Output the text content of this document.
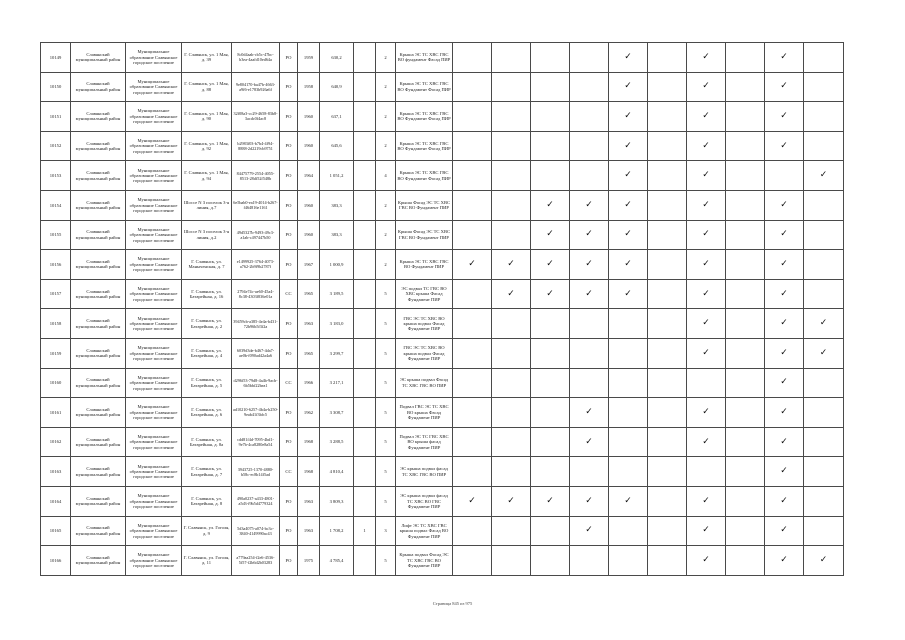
10149	Славянский муниципальный район	Муниципальное образование Славянское городское поселение	Г. Славянск, ул. 1 Мая, д. 39	8c0d4aab-cb5c-47bc-b3ea-4aafd10ed64a	РО	1959	630,2		2	Крыша ЭС ТС ХВС ГВС ВО фундамент Фасад ПИР					✓		✓		✓	
10150	Славянский муниципальный район	Муниципальное образование Славянское городское поселение	Г. Славянск, ул. 1 Мая, д. 88	9e804170-ba47b-4663-a9f6-e1783b926a6f	РО	1958	640,9		2	Крыша ЭС ТС ХВС ГВС ВО Фундамент Фасад ПИР					✓		✓		✓	
10151	Славянский муниципальный район	Муниципальное образование Славянское городское поселение	Г. Славянск, ул. 1 Мая, д. 90	32f08a3-cc29-4658-83b8-3acdc0f4ac8	РО	1960	637,1		2	Крыша ЭС ТС ХВС ГВС ВО Фундамент Фасад ПИР					✓		✓		✓	
10152	Славянский муниципальный район	Муниципальное образование Славянское городское поселение	Г. Славянск, ул. 1 Мая, д. 92	b2983f03-b7b4-4f94-8888-2d2219cb9751	РО	1960	645,6		2	Крыша ЭС ТС ХВС ГВС ВО Фундамент Фасад ПИР					✓		✓		✓	
10153	Славянский муниципальный район	Муниципальное образование Славянское городское поселение	Г. Славянск, ул. 1 Мая, д. 94	84475779-2554-4055-8513-28df52f548b	РО	1964	1 051,2		4	Крыша ЭС ТС ХВС ГВС ВО Фундамент Фасад ПИР					✓		✓			✓
10154	Славянский муниципальный район	Муниципальное образование Славянское городское поселение	Шоссе N 3 поселок 3-я линия, д.7	6e5bab0-ea19-4014-b267-f464816e1161	РО	1960	383,3		2	Крыша Фасад ЭС ТС ХВС ГВС ВО Фундамент ПИР			✓	✓	✓		✓		✓	
10155	Славянский муниципальный район	Муниципальное образование Славянское городское поселение	Шоссе N 3 поселок 3-я линия, д.2	49d5327b-9493-49c3-a1ab-c497447b50	РО	1960	383,3		2	Крыша Фасад ЭС ТС ХВС ГВС ВО Фундамент ПИР			✓	✓	✓		✓		✓	
10156	Славянский муниципальный район	Муниципальное образование Славянское городское поселение	Г. Славянск, ул. Маныченская, д. 7	e1499925-3764-4073-a762-2b9f9b2787f	РО	1967	1 000,9		2	Крыша ЭС ТС ХВС ГВС ВО Фундамент ПИР	✓	✓	✓	✓	✓		✓		✓	
10157	Славянский муниципальный район	Муниципальное образование Славянское городское поселение	Г. Славянск, ул. Батарейная, д. 16	2794e74c-ae60-45a4-8c38-4303f836e01a	СС	1965	3 189,5		5	ЭС подвал ТС ГВС ВО ХВС крыша Фасад Фундамент ПИР		✓	✓	✓	✓		✓		✓	
10158	Славянский муниципальный район	Муниципальное образование Славянское городское поселение	Г. Славянск, ул. Батарейная, д. 2	39459cb-a385-4e4a-b431-72b96b5f3f2a	РО	1963	3 183,0		5	ГВС ЭС ТС ХВС ВО крыша подвал Фасад Фундамент ПИР							✓		✓	✓
10159	Славянский муниципальный район	Муниципальное образование Славянское городское поселение	Г. Славянск, ул. Батарейная, д. 4	6039d3de-b467-4da7-ae0b-f090ad42a4a6	РО	1965	3 299,7		5	ГВС ЭС ТС ХВС ВО крыша подвал Фасад Фундамент ПИР							✓		✓	✓
10160	Славянский муниципальный район	Муниципальное образование Славянское городское поселение	Г. Славянск, ул. Батарейная, д. 5	d296f53-79d8-4a4b-9acb-6b5bbf22bea1	СС	1966	3 217,1		5	ЭС крыша подвал Фасад ТС ХВС ГВС ВО ПИР									✓	
10161	Славянский муниципальный район	Муниципальное образование Славянское городское поселение	Г. Славянск, ул. Батарейная, д. 6	ad10210-6257-4b4a-b250-9eab41f3bfc5	РО	1962	3 308,7		5	Подвал ГВС ЭС ТС ХВС ВО крыша Фасад Фундамент ПИР				✓			✓		✓	
10162	Славянский муниципальный район	Муниципальное образование Славянское городское поселение	Г. Славянск, ул. Батарейная, д. 8а	cdd81f4d-7095-4bd1-9e7b-4ca8280e8a54	РО	1968	3 288,5		5	Подвал ЭС ТС ГВС ХВС ВО крыша фасад Фундамент ПИР				✓			✓		✓	
10163	Славянский муниципальный район	Муниципальное образование Славянское городское поселение	Г. Славянск, ул. Батарейная, д. 7	3943725-1370-4880-b58c-ec8b14f5ad	СС	1968	4 810,4		5	ЭС крыша подвал фасад ТС ХВС ГВС ВО ПИР									✓	
10164	Славянский муниципальный район	Муниципальное образование Славянское городское поселение	Г. Славянск, ул. Батарейная, д. 8	490a0237-a433-4801-a5d3-f9b5d4779324	РО	1963	3 809,3		5	ЭС крыша подвал фасад ТС ХВС ВО ГВС Фундамент ПИР	✓	✓	✓	✓	✓		✓		✓	
10165	Славянский муниципальный район	Муниципальное образование Славянское городское поселение	Г. Славянск, ул. Гоголя, д. 9	5d3a4075-a074-bc3c-3840-4149990ac43	РО	1963	1 708,2	1	3	Лифт ЭС ТС ХВС ГВС крыша подвал Фасад ВО Фундамент ПИР				✓			✓		✓	
10166	Славянский муниципальный район	Муниципальное образование Славянское городское поселение	Г. Славянск, ул. Гоголя, д. 11	a779aa254-f2e6-4536-5f57-f2b6d2b03283	РО	1975	4 785,4		5	Крыша подвал Фасад ЭС ТС ХВС ГВС ВО Фундамент ПИР							✓		✓	✓
Страница 845 из 975
